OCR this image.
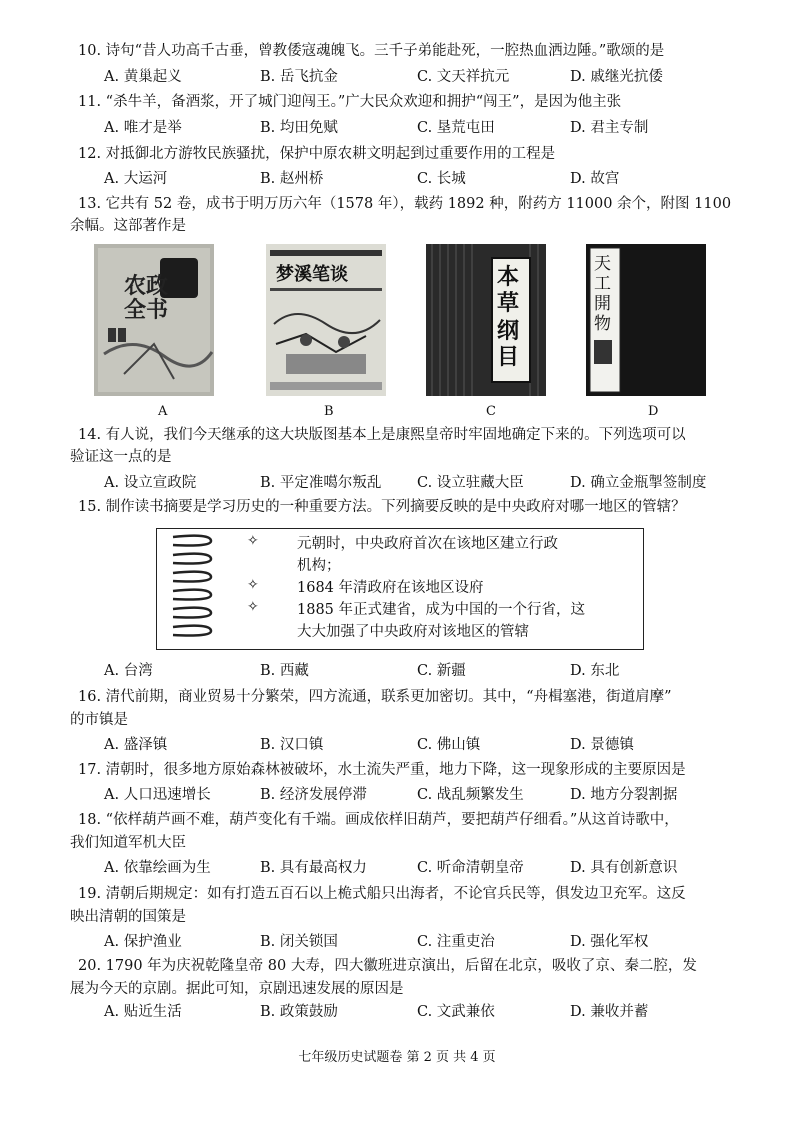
10. 诗句“昔人功高千古垂，曾教倭寇魂魄飞。三千子弟能赴死，一腔热血洒边陲。”歌颂的是
A. 黄巢起义	B. 岳飞抗金	C. 文天祥抗元	D. 戚继光抗倭
11. “杀牛羊，备酒浆，开了城门迎闯王。”广大民众欢迎和拥护“闯王”，是因为他主张
A. 唯才是举	B. 均田免赋	C. 垦荒屯田	D. 君主专制
12. 对抵御北方游牧民族骚扰，保护中原农耕文明起到过重要作用的工程是
A. 大运河	B. 赵州桥	C. 长城	D. 故宫
13. 它共有 52 卷，成书于明万历六年（1578 年），载药 1892 种，附药方 11000 余个，附图 1100
余幅。这部著作是
农政全书
A
梦溪笔谈
B
本草
纲目
C
天工開物
D
14. 有人说，我们今天继承的这大块版图基本上是康熙皇帝时牢固地确定下来的。下列选项可以
验证这一点的是
A. 设立宣政院	B. 平定准噶尔叛乱 C. 设立驻藏大臣	D. 确立金瓶掣签制度
15. 制作读书摘要是学习历史的一种重要方法。下列摘要反映的是中央政府对哪一地区的管辖？
✧
✧
✧
元朝时，中央政府首次在该地区建立行政
机构；
1684 年清政府在该地区设府
1885 年正式建省，成为中国的一个行省，这
大大加强了中央政府对该地区的管辖
A. 台湾	B. 西藏	C. 新疆	D. 东北
16. 清代前期，商业贸易十分繁荣，四方流通，联系更加密切。其中，“舟楫塞港，街道肩摩”
的市镇是
A. 盛泽镇	B. 汉口镇	C. 佛山镇	D. 景德镇
17. 清朝时，很多地方原始森林被破坏，水土流失严重，地力下降，这一现象形成的主要原因是
A. 人口迅速增长	B. 经济发展停滞	C. 战乱频繁发生	D. 地方分裂割据
18. “依样葫芦画不难，葫芦变化有千端。画成依样旧葫芦，要把葫芦仔细看。”从这首诗歌中，
我们知道军机大臣
A. 依靠绘画为生	B. 具有最高权力	C. 听命清朝皇帝	D. 具有创新意识
19. 清朝后期规定：如有打造五百石以上桅式船只出海者，不论官兵民等，俱发边卫充军。这反
映出清朝的国策是
A. 保护渔业	B. 闭关锁国	C. 注重吏治	D. 强化军权
20. 1790 年为庆祝乾隆皇帝 80 大寿，四大徽班进京演出，后留在北京，吸收了京、秦二腔，发
展为今天的京剧。据此可知，京剧迅速发展的原因是
A. 贴近生活	B. 政策鼓励	C. 文武兼依	D. 兼收并蓄
七年级历史试题卷 第 2 页 共 4 页
